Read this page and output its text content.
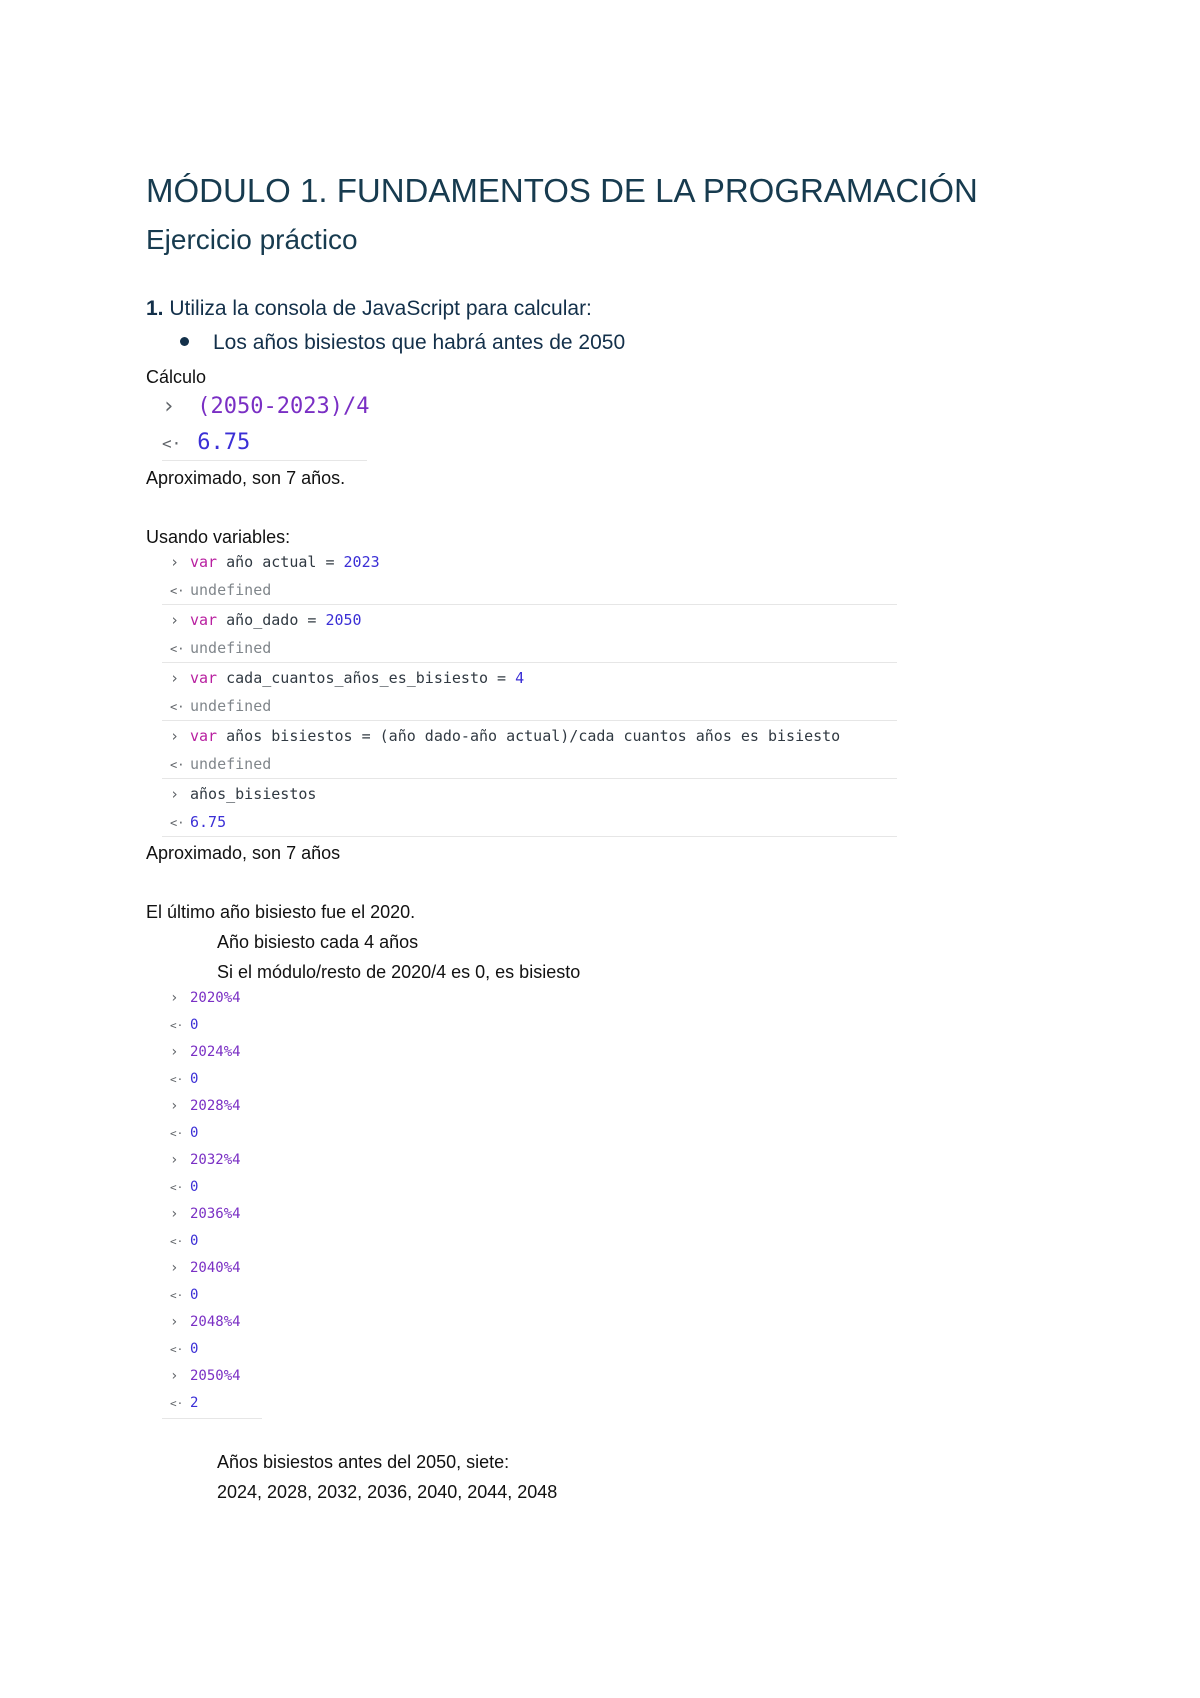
MÓDULO 1. FUNDAMENTOS DE LA PROGRAMACIÓN
Ejercicio práctico
1. Utiliza la consola de JavaScript para calcular:
Los años bisiestos que habrá antes de 2050
Cálculo
› (2050-2023)/4
<· 6.75
Aproximado, son 7 años.
Usando variables:
› var año actual = 2023
<· undefined
› var año_dado = 2050
<· undefined
› var cada_cuantos_años_es_bisiesto = 4
<· undefined
› var años bisiestos = (año dado-año actual)/cada cuantos años es bisiesto
<· undefined
› años_bisiestos
<· 6.75
Aproximado, son 7 años
El último año bisiesto fue el 2020.
Año bisiesto cada 4 años
Si el módulo/resto de 2020/4 es 0, es bisiesto
› 2020%4
<· 0
› 2024%4
<· 0
› 2028%4
<· 0
› 2032%4
<· 0
› 2036%4
<· 0
› 2040%4
<· 0
› 2048%4
<· 0
› 2050%4
<· 2
Años bisiestos antes del 2050, siete:
2024, 2028, 2032, 2036, 2040, 2044, 2048
